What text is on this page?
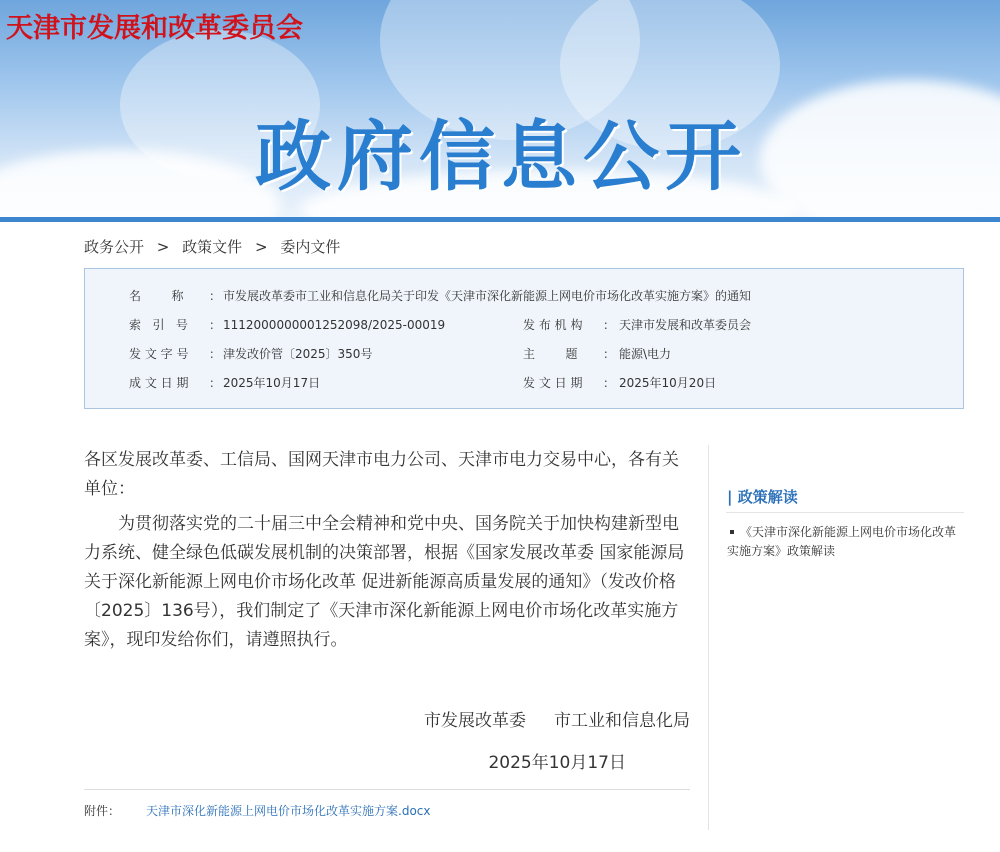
天津市发展和改革委员会
政府信息公开
政务公开 > 政策文件 > 委内文件
名        称 ： 市发展改革委市工业和信息化局关于印发《天津市深化新能源上网电价市场化改革实施方案》的通知
索   引   号 ： 1112000000001252098/2025-00019	发 布 机 构 ： 天津市发展和改革委员会
发 文 字 号 ： 津发改价管〔2025〕350号	主        题 ： 能源\电力
成 文 日 期 ： 2025年10月17日	发 文 日 期 ： 2025年10月20日

各区发展改革委、工信局、国网天津市电力公司、天津市电力交易中心，各有关单位：

为贯彻落实党的二十届三中全会精神和党中央、国务院关于加快构建新型电力系统、健全绿色低碳发展机制的决策部署，根据《国家发展改革委 国家能源局关于深化新能源上网电价市场化改革 促进新能源高质量发展的通知》（发改价格〔2025〕136号），我们制定了《天津市深化新能源上网电价市场化改革实施方案》，现印发给你们，请遵照执行。

市发展改革委 市工业和信息化局
2025年10月17日
附件： 天津市深化新能源上网电价市场化改革实施方案.docx
| 政策解读
《天津市深化新能源上网电价市场化改革实施方案》政策解读
